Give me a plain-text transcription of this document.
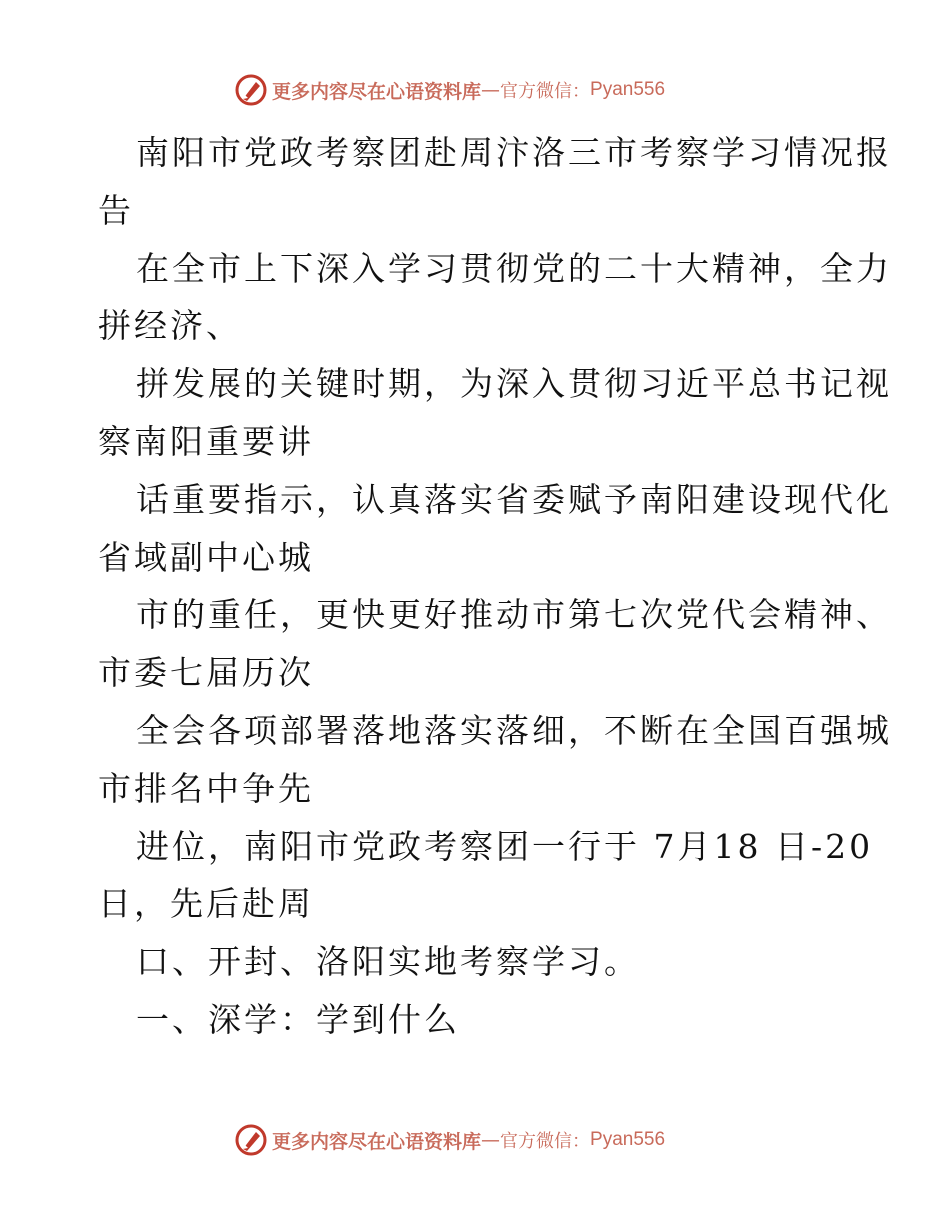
更多内容尽在心语资料库 — 官方微信： Pyan556
南阳市党政考察团赴周汴洛三市考察学习情况报
告
在全市上下深入学习贯彻党的二十大精神，全力
拼经济、
拼发展的关键时期，为深入贯彻习近平总书记视
察南阳重要讲
话重要指示，认真落实省委赋予南阳建设现代化
省域副中心城
市的重任，更快更好推动市第七次党代会精神、
市委七届历次
全会各项部署落地落实落细，不断在全国百强城
市排名中争先
进位，南阳市党政考察团一行于 7月18 日-20
日，先后赴周
口、开封、洛阳实地考察学习。
一、深学：学到什么
更多内容尽在心语资料库 — 官方微信： Pyan556
